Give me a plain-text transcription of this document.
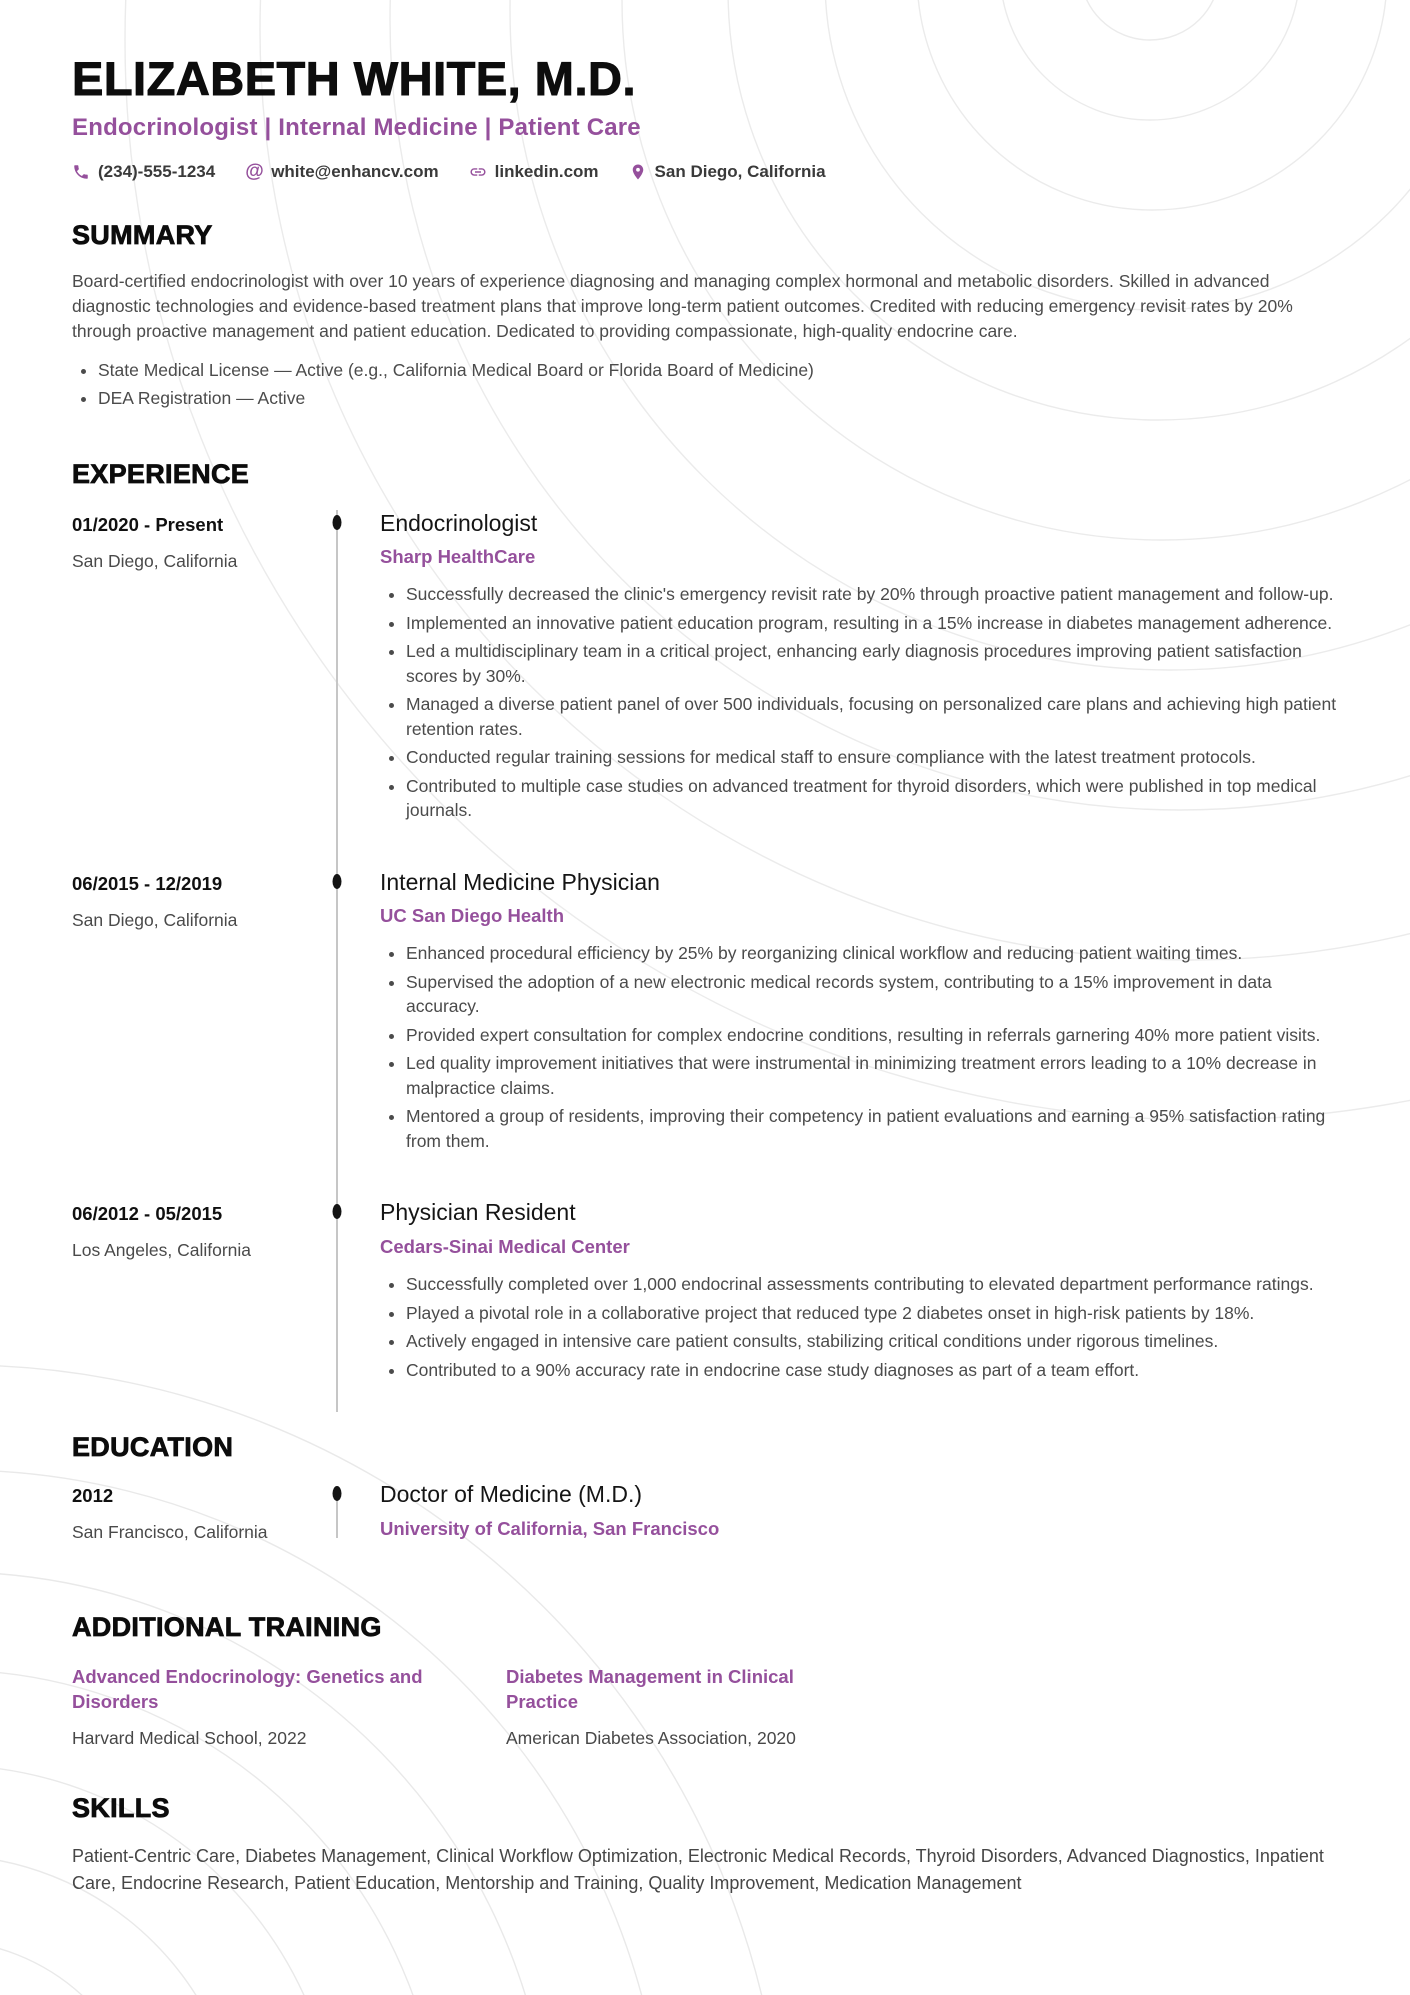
ELIZABETH WHITE, M.D.
Endocrinologist | Internal Medicine | Patient Care
(234)-555-1234 @ white@enhancv.com	linkedin.com	San Diego, California
SUMMARY

Board-certified endocrinologist with over 10 years of experience diagnosing and managing complex hormonal and metabolic disorders. Skilled in advanced diagnostic technologies and evidence-based treatment plans that improve long-term patient outcomes. Credited with reducing emergency revisit rates by 20% through proactive management and patient education. Dedicated to providing compassionate, high-quality endocrine care.

• State Medical License — Active (e.g., California Medical Board or Florida Board of Medicine)
• DEA Registration — Active
EXPERIENCE
01/2020 - Present
San Diego, California
Endocrinologist
Sharp HealthCare
• Successfully decreased the clinic's emergency revisit rate by 20% through proactive patient management and follow-up.
• Implemented an innovative patient education program, resulting in a 15% increase in diabetes management adherence.
• Led a multidisciplinary team in a critical project, enhancing early diagnosis procedures improving patient satisfaction scores by 30%.
• Managed a diverse patient panel of over 500 individuals, focusing on personalized care plans and achieving high patient retention rates.
• Conducted regular training sessions for medical staff to ensure compliance with the latest treatment protocols.
• Contributed to multiple case studies on advanced treatment for thyroid disorders, which were published in top medical journals.
06/2015 - 12/2019
San Diego, California
Internal Medicine Physician
UC San Diego Health
• Enhanced procedural efficiency by 25% by reorganizing clinical workflow and reducing patient waiting times.
• Supervised the adoption of a new electronic medical records system, contributing to a 15% improvement in data accuracy.
• Provided expert consultation for complex endocrine conditions, resulting in referrals garnering 40% more patient visits.
• Led quality improvement initiatives that were instrumental in minimizing treatment errors leading to a 10% decrease in malpractice claims.
• Mentored a group of residents, improving their competency in patient evaluations and earning a 95% satisfaction rating from them.
06/2012 - 05/2015
Los Angeles, California
Physician Resident
Cedars-Sinai Medical Center
• Successfully completed over 1,000 endocrinal assessments contributing to elevated department performance ratings.
• Played a pivotal role in a collaborative project that reduced type 2 diabetes onset in high-risk patients by 18%.
• Actively engaged in intensive care patient consults, stabilizing critical conditions under rigorous timelines.
• Contributed to a 90% accuracy rate in endocrine case study diagnoses as part of a team effort.
EDUCATION
2012
San Francisco, California
Doctor of Medicine (M.D.)
University of California, San Francisco
ADDITIONAL TRAINING
Advanced Endocrinology: Genetics and Disorders
Harvard Medical School, 2022
Diabetes Management in Clinical Practice
American Diabetes Association, 2020
SKILLS

Patient-Centric Care, Diabetes Management, Clinical Workflow Optimization, Electronic Medical Records, Thyroid Disorders, Advanced Diagnostics, Inpatient Care, Endocrine Research, Patient Education, Mentorship and Training, Quality Improvement, Medication Management
